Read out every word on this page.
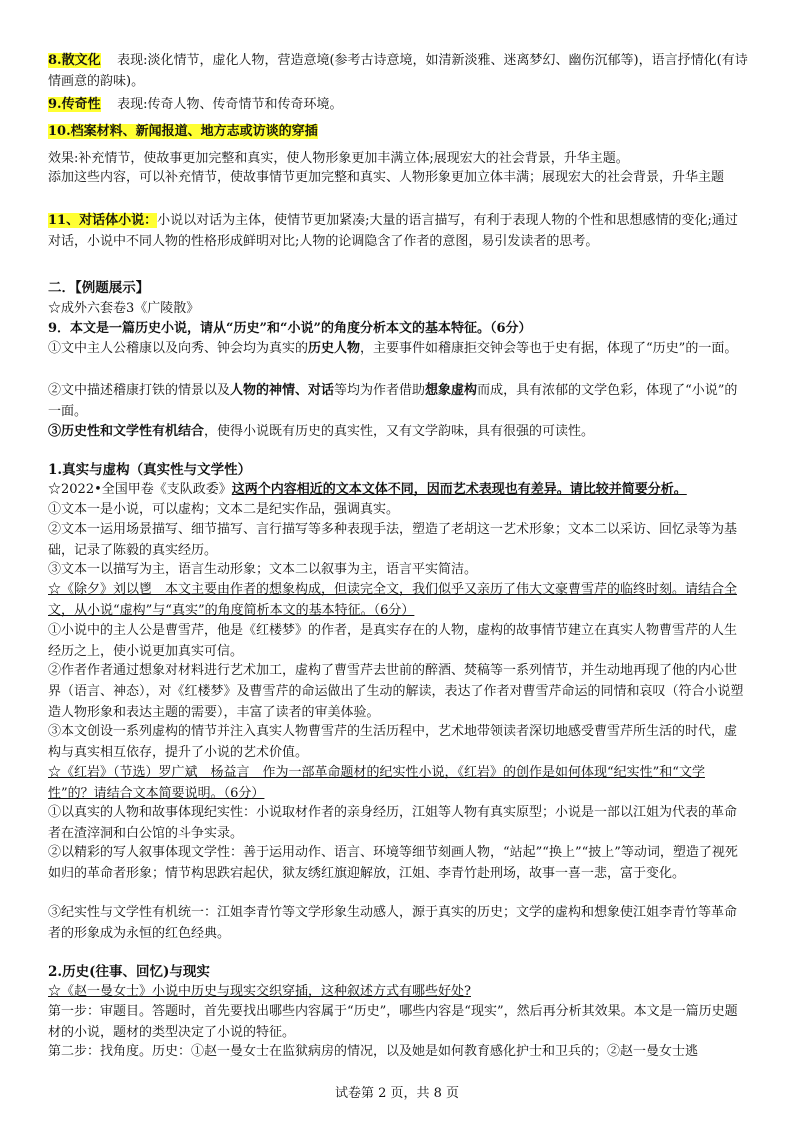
8.散文化 表现:淡化情节，虚化人物，营造意境(参考古诗意境，如清新淡雅、迷离梦幻、幽伤沉郁等)，语言抒情化(有诗情画意的韵味)。

9.传奇性 表现:传奇人物、传奇情节和传奇环境。

10.档案材料、新闻报道、地方志或访谈的穿插

效果:补充情节，使故事更加完整和真实，使人物形象更加丰满立体;展现宏大的社会背景，升华主题。

添加这些内容，可以补充情节，使故事情节更加完整和真实、人物形象更加立体丰满；展现宏大的社会背景，升华主题

11、对话体小说：小说以对话为主体，使情节更加紧凑;大量的语言描写，有利于表现人物的个性和思想感情的变化;通过对话，小说中不同人物的性格形成鲜明对比;人物的论调隐含了作者的意图，易引发读者的思考。

二．【例题展示】

☆成外六套卷3《广陵散》

9．本文是一篇历史小说，请从“历史”和“小说”的角度分析本文的基本特征。（6分）

①文中主人公稽康以及向秀、钟会均为真实的历史人物，主要事件如稽康拒交钟会等也于史有据，体现了“历史”的一面。

②文中描述稽康打铁的情景以及人物的神情、对话等均为作者借助想象虚构而成，具有浓郁的文学色彩，体现了“小说”的一面。

③历史性和文学性有机结合，使得小说既有历史的真实性，又有文学韵味，具有很强的可读性。

1.真实与虚构（真实性与文学性）

☆2022•全国甲卷《支队政委》这两个内容相近的文本文体不同，因而艺术表现也有差异。请比较并简要分析。

①文本一是小说，可以虚构；文本二是纪实作品，强调真实。

②文本一运用场景描写、细节描写、言行描写等多种表现手法，塑造了老胡这一艺术形象；文本二以采访、回忆录等为基础，记录了陈毅的真实经历。

③文本一以描写为主，语言生动形象；文本二以叙事为主，语言平实简洁。

☆《除夕》刘以鬯　本文主要由作者的想象构成，但读完全文，我们似乎又亲历了伟大文豪曹雪芹的临终时刻。请结合全文，从小说“虚构”与“真实”的角度简析本文的基本特征。（6分）

①小说中的主人公是曹雪芹，他是《红楼梦》的作者，是真实存在的人物，虚构的故事情节建立在真实人物曹雪芹的人生经历之上，使小说更加真实可信。

②作者作者通过想象对材料进行艺术加工，虚构了曹雪芹去世前的醉酒、焚稿等一系列情节，并生动地再现了他的内心世界（语言、神态），对《红楼梦》及曹雪芹的命运做出了生动的解读，表达了作者对曹雪芹命运的同情和哀叹（符合小说塑造人物形象和表达主题的需要），丰富了读者的审美体验。

③本文创设一系列虚构的情节并注入真实人物曹雪芹的生活历程中，艺术地带领读者深切地感受曹雪芹所生活的时代，虚构与真实相互依存，提升了小说的艺术价值。

☆《红岩》（节选）罗广斌　杨益言　作为一部革命题材的纪实性小说，《红岩》的创作是如何体现“纪实性”和“文学性”的？请结合文本简要说明。（6分）

①以真实的人物和故事体现纪实性：小说取材作者的亲身经历，江姐等人物有真实原型；小说是一部以江姐为代表的革命者在渣滓洞和白公馆的斗争实录。

②以精彩的写人叙事体现文学性：善于运用动作、语言、环境等细节刻画人物，“站起”“换上”“披上”等动词，塑造了视死如归的革命者形象；情节构思跌宕起伏，狱友绣红旗迎解放，江姐、李青竹赴刑场，故事一喜一悲，富于变化。

③纪实性与文学性有机统一：江姐李青竹等文学形象生动感人，源于真实的历史；文学的虚构和想象使江姐李青竹等革命者的形象成为永恒的红色经典。

2.历史(往事、回忆)与现实

☆《赵一曼女士》小说中历史与现实交织穿插，这种叙述方式有哪些好处?

第一步：审题目。答题时，首先要找出哪些内容属于“历史”，哪些内容是“现实”，然后再分析其效果。本文是一篇历史题材的小说，题材的类型决定了小说的特征。

第二步：找角度。历史：①赵一曼女士在监狱病房的情况，以及她是如何教育感化护士和卫兵的；②赵一曼女士逃

试卷第 2 页，共 8 页
